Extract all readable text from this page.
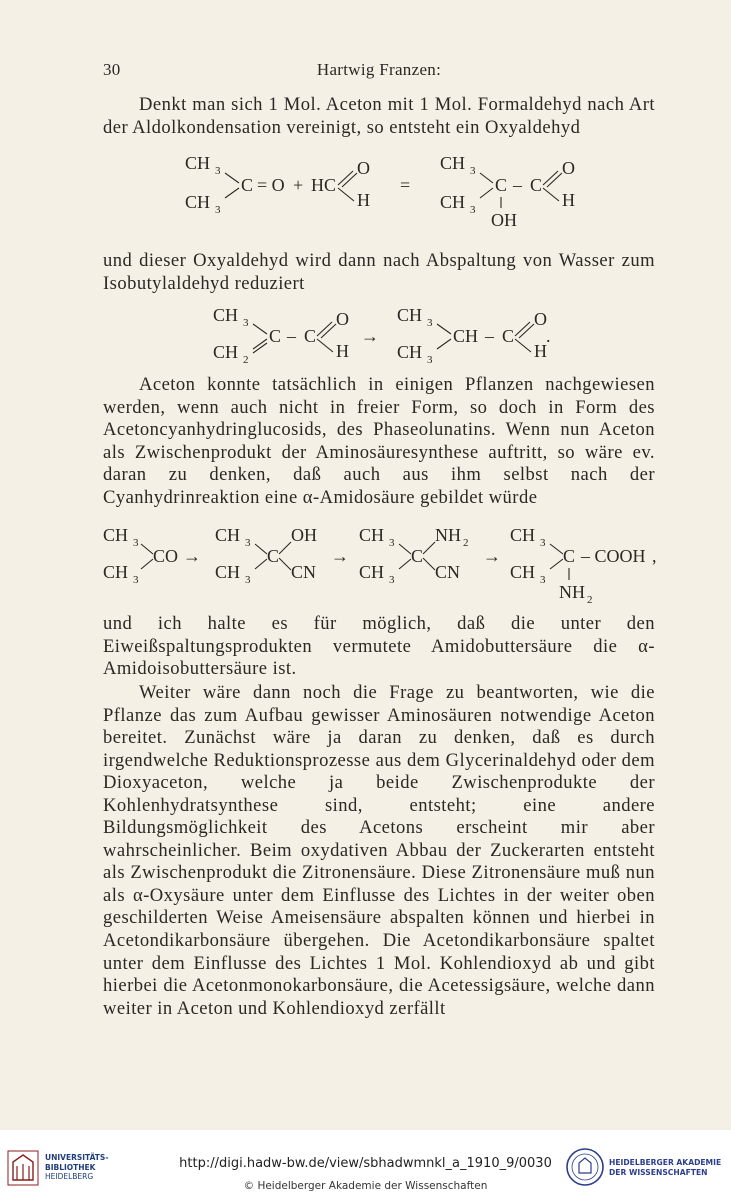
30	Hartwig Franzen:

Denkt man sich 1 Mol. Aceton mit 1 Mol. Formaldehyd nach Art der Aldolkondensation vereinigt, so entsteht ein Oxyaldehyd

CH 3
CH 3
C = O + HC
O
H
=
CH 3
CH 3
C – C
O
H
OH

und dieser Oxyaldehyd wird dann nach Abspaltung von Wasser zum Isobutylaldehyd reduziert

CH 3
CH 2
C – C
O
H
→
CH 3
CH 3
CH – C
O
H
.

Aceton konnte tatsächlich in einigen Pflanzen nachgewiesen werden, wenn auch nicht in freier Form, so doch in Form des Acetoncyanhydringlucosids, des Phaseolunatins. Wenn nun Aceton als Zwischenprodukt der Aminosäuresynthese auftritt, so wäre ev. daran zu denken, daß auch aus ihm selbst nach der Cyanhydrinreaktion eine α-Amidosäure gebildet würde

CH 3
CH 3
CO →
CH 3
CH 3
C
OH
CN
→
CH 3
CH 3
C
NH 2
CN
→
CH 3
CH 3
C – COOH ,
NH 2

und ich halte es für möglich, daß die unter den Eiweißspaltungsprodukten vermutete Amidobuttersäure die α-Amidoisobuttersäure ist.

Weiter wäre dann noch die Frage zu beantworten, wie die Pflanze das zum Aufbau gewisser Aminosäuren notwendige Aceton bereitet. Zunächst wäre ja daran zu denken, daß es durch irgendwelche Reduktionsprozesse aus dem Glycerinaldehyd oder dem Dioxyaceton, welche ja beide Zwischenprodukte der Kohlenhydratsynthese sind, entsteht; eine andere Bildungsmöglichkeit des Acetons erscheint mir aber wahrscheinlicher. Beim oxydativen Abbau der Zuckerarten entsteht als Zwischenprodukt die Zitronensäure. Diese Zitronensäure muß nun als α-Oxysäure unter dem Einflusse des Lichtes in der weiter oben geschilderten Weise Ameisensäure abspalten können und hierbei in Acetondikarbonsäure übergehen. Die Acetondikarbonsäure spaltet unter dem Einflusse des Lichtes 1 Mol. Kohlendioxyd ab und gibt hierbei die Acetonmonokarbonsäure, die Acetessigsäure, welche dann weiter in Aceton und Kohlendioxyd zerfällt

UNIVERSITÄTS-
BIBLIOTHEK
HEIDELBERG
http://digi.hadw-bw.de/view/sbhadwmnkl_a_1910_9/0030
© Heidelberger Akademie der Wissenschaften
HEIDELBERGER AKADEMIE
DER WISSENSCHAFTEN
